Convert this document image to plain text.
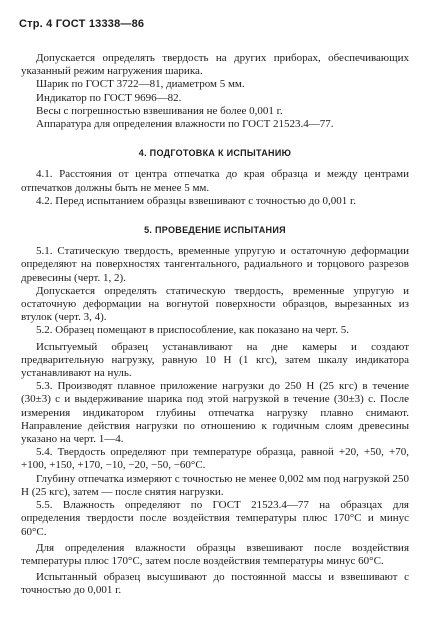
Стр. 4 ГОСТ 13338—86

Допускается определять твердость на других приборах, обеспечивающих указанный режим нагружения шарика.

Шарик по ГОСТ 3722—81, диаметром 5 мм.
Индикатор по ГОСТ 9696—82.
Весы с погрешностью взвешивания не более 0,001 г.
Аппаратура для определения влажности по ГОСТ 21523.4—77.

4. ПОДГОТОВКА К ИСПЫТАНИЮ

4.1. Расстояния от центра отпечатка до края образца и между центрами отпечатков должны быть не менее 5 мм.

4.2. Перед испытанием образцы взвешивают с точностью до 0,001 г.

5. ПРОВЕДЕНИЕ ИСПЫТАНИЯ

5.1. Статическую твердость, временные упругую и остаточную деформации определяют на поверхностях тангентального, радиального и торцового разрезов древесины (черт. 1, 2).

Допускается определять статическую твердость, временные упругую и остаточную деформации на вогнутой поверхности образцов, вырезанных из втулок (черт. 3, 4).

5.2. Образец помещают в приспособление, как показано на черт. 5.

Испытуемый образец устанавливают на дне камеры и создают предварительную нагрузку, равную 10 Н (1 кгс), затем шкалу индикатора устанавливают на нуль.

5.3. Производят плавное приложение нагрузки до 250 Н (25 кгс) в течение (30±3) с и выдерживание шарика под этой нагрузкой в течение (30±3) с. После измерения индикатором глубины отпечатка нагрузку плавно снимают. Направление действия нагрузки по отношению к годичным слоям древесины указано на черт. 1—4.

5.4. Твердость определяют при температуре образца, равной +20, +50, +70, +100, +150, +170, −10, −20, −50, −60°С.

Глубину отпечатка измеряют с точностью не менее 0,002 мм под нагрузкой 250 Н (25 кгс), затем — после снятия нагрузки.

5.5. Влажность определяют по ГОСТ 21523.4—77 на образцах для определения твердости после воздействия температуры плюс 170°С и минус 60°С.

Для определения влажности образцы взвешивают после воздействия температуры плюс 170°С, затем после воздействия температуры минус 60°С.

Испытанный образец высушивают до постоянной массы и взвешивают с точностью до 0,001 г.
